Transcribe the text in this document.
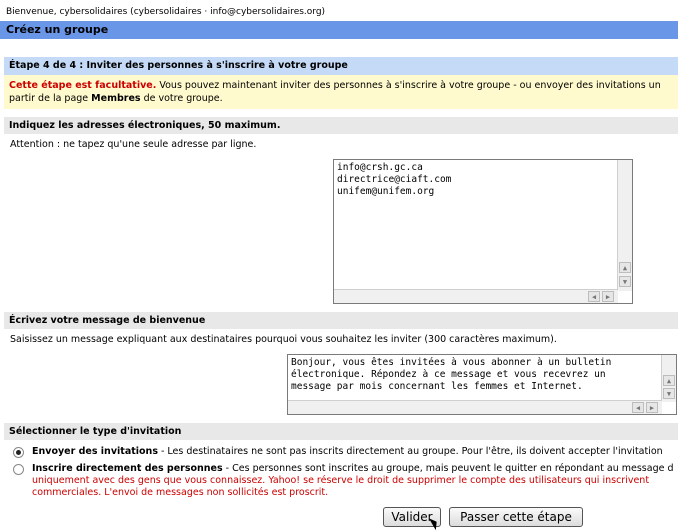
Bienvenue, cybersolidaires (cybersolidaires · info@cybersolidaires.org)
Créez un groupe
Étape 4 de 4 : Inviter des personnes à s'inscrire à votre groupe
Cette étape est facultative. Vous pouvez maintenant inviter des personnes à s'inscrire à votre groupe - ou envoyer des invitations un
partir de la page Membres de votre groupe.
Indiquez les adresses électroniques, 50 maximum.
Attention : ne tapez qu'une seule adresse par ligne.
info@crsh.gc.ca
directrice@ciaft.com
unifem@unifem.org
▲
▼
◀	▶
Écrivez votre message de bienvenue
Saisissez un message expliquant aux destinataires pourquoi vous souhaitez les inviter (300 caractères maximum).
Bonjour, vous êtes invitées à vous abonner à un bulletin
électronique. Répondez à ce message et vous recevrez un
message par mois concernant les femmes et Internet.	▲
▼
◀	▶
Sélectionner le type d'invitation
Envoyer des invitations - Les destinataires ne sont pas inscrits directement au groupe. Pour l'être, ils doivent accepter l'invitation
Inscrire directement des personnes - Ces personnes sont inscrites au groupe, mais peuvent le quitter en répondant au message d
uniquement avec des gens que vous connaissez. Yahoo! se réserve le droit de supprimer le compte des utilisateurs qui inscrivent
commerciales. L'envoi de messages non sollicités est proscrit.
Valider	Passer cette étape
